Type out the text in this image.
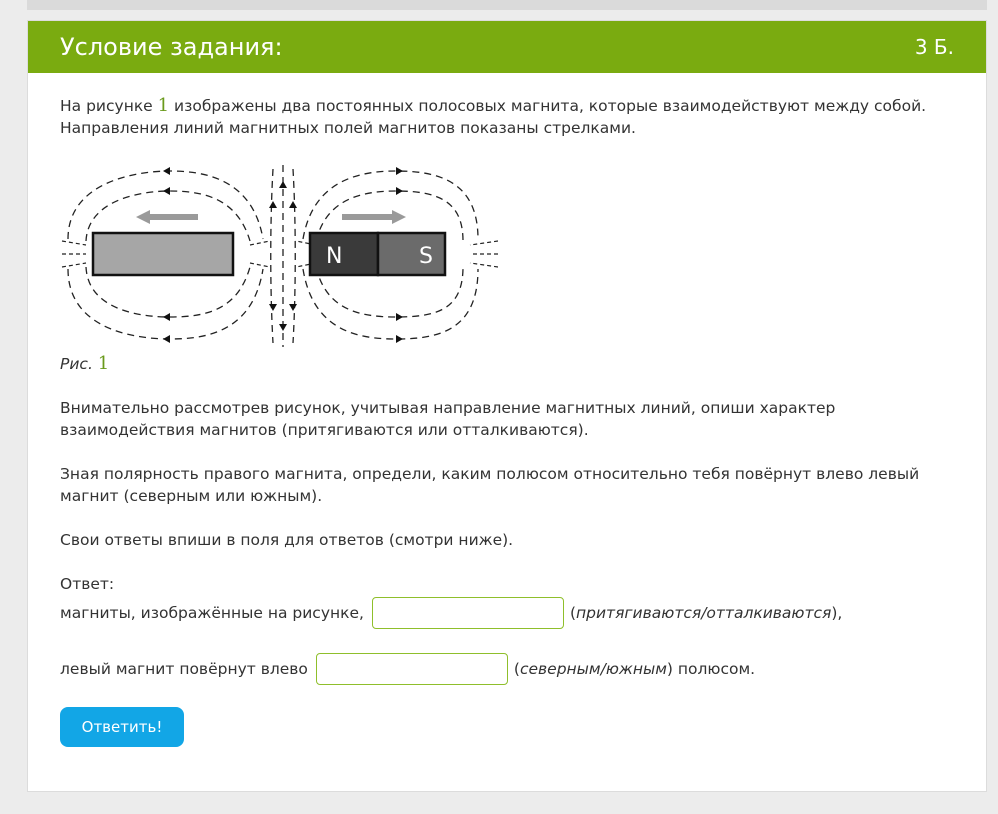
Условие задания:	3 Б.

На рисунке 1 изображены два постоянных полосовых магнита, которые взаимодействуют между собой.
Направления линий магнитных полей магнитов показаны стрелками.

N	S
Рис. 1

Внимательно рассмотрев рисунок, учитывая направление магнитных линий, опиши характер взаимодействия магнитов (притягиваются или отталкиваются).

Зная полярность правого магнита, определи, каким полюсом относительно тебя повёрнут влево левый магнит (северным или южным).

Свои ответы впиши в поля для ответов (смотри ниже).

Ответ:

магниты, изображённые на рисунке,	(притягиваются/отталкиваются),
левый магнит повёрнут влево	(северным/южным) полюсом.
Ответить!
